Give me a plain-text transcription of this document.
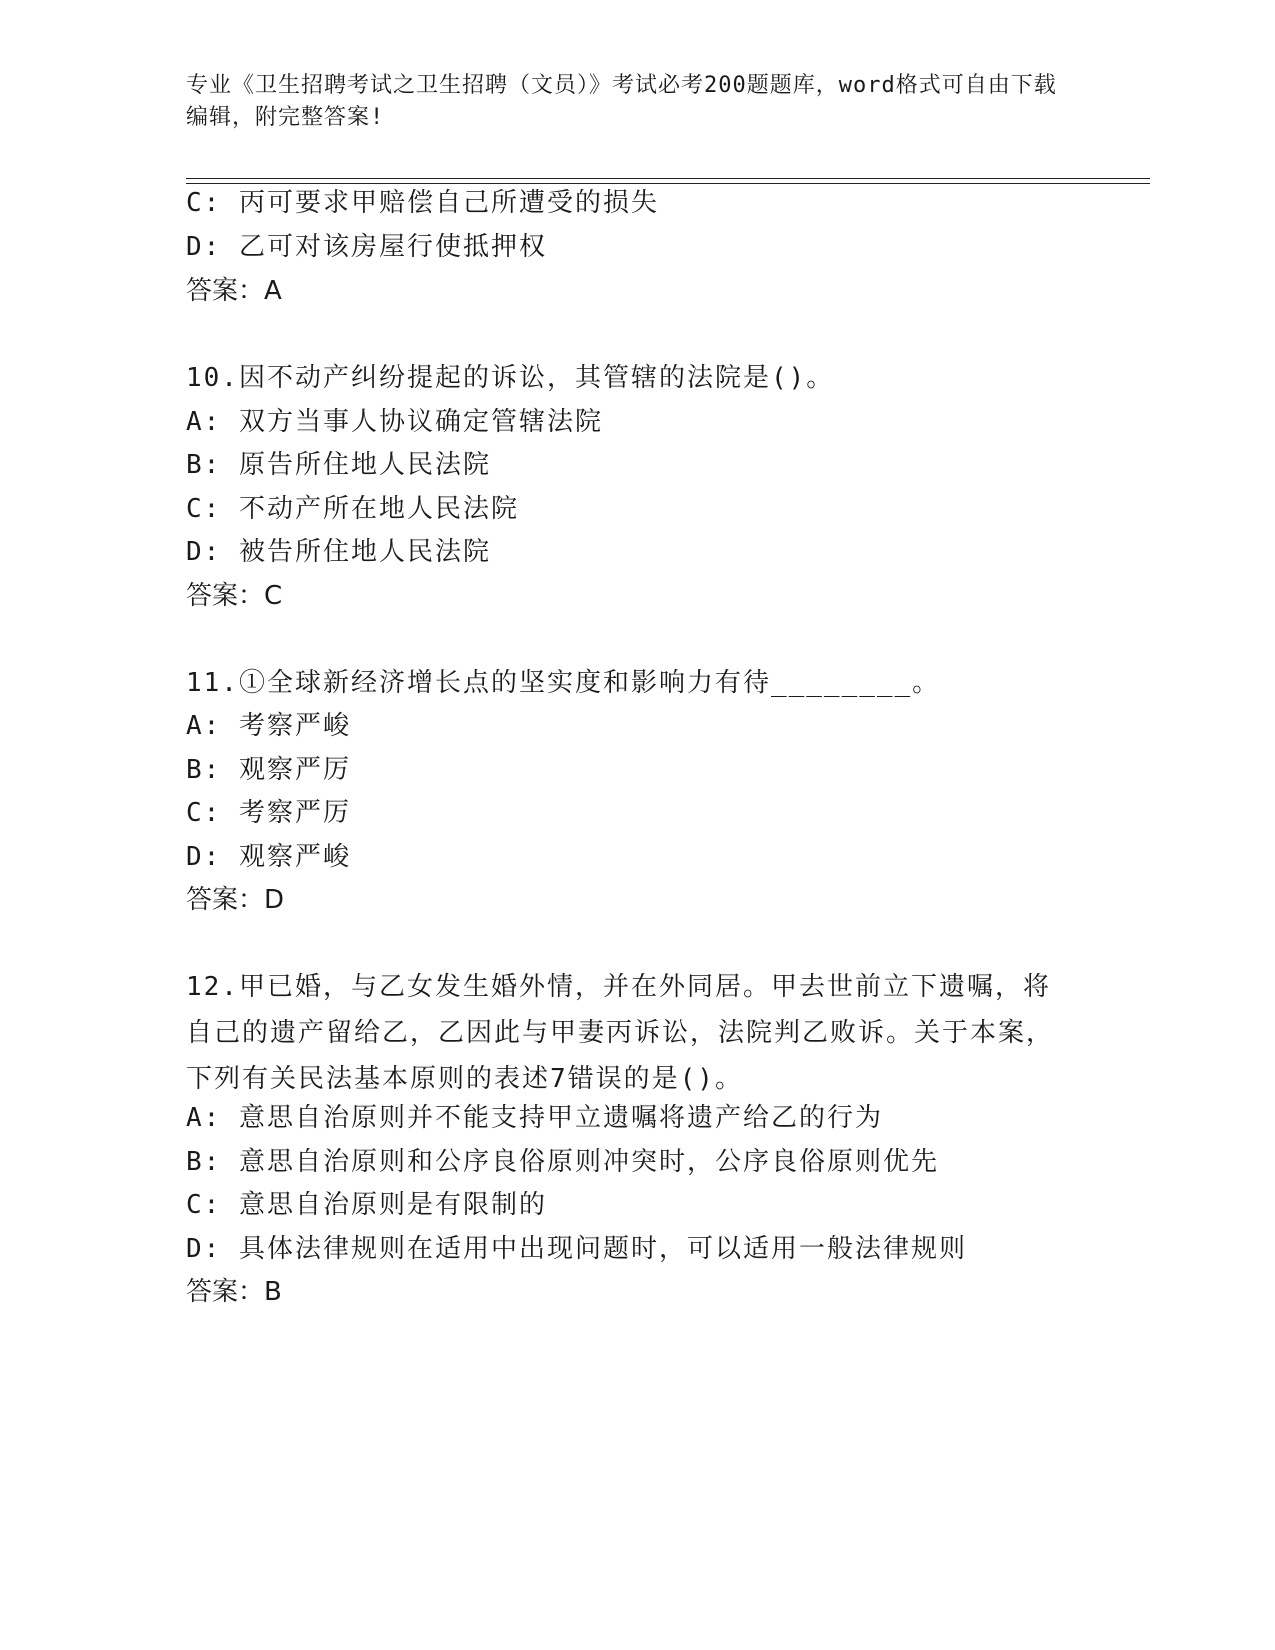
专业《卫生招聘考试之卫生招聘（文员）》考试必考200题题库，word格式可自由下载编辑，附完整答案!
C: 丙可要求甲赔偿自己所遭受的损失
D: 乙可对该房屋行使抵押权
答案：A
10.因不动产纠纷提起的诉讼，其管辖的法院是()。
A: 双方当事人协议确定管辖法院
B: 原告所住地人民法院
C: 不动产所在地人民法院
D: 被告所住地人民法院
答案：C
11.①全球新经济增长点的坚实度和影响力有待________。
A: 考察严峻
B: 观察严厉
C: 考察严厉
D: 观察严峻
答案：D
12.甲已婚，与乙女发生婚外情，并在外同居。甲去世前立下遗嘱，将自己的遗产留给乙，乙因此与甲妻丙诉讼，法院判乙败诉。关于本案，下列有关民法基本原则的表述7错误的是()。
A: 意思自治原则并不能支持甲立遗嘱将遗产给乙的行为
B: 意思自治原则和公序良俗原则冲突时，公序良俗原则优先
C: 意思自治原则是有限制的
D: 具体法律规则在适用中出现问题时，可以适用一般法律规则
答案：B
